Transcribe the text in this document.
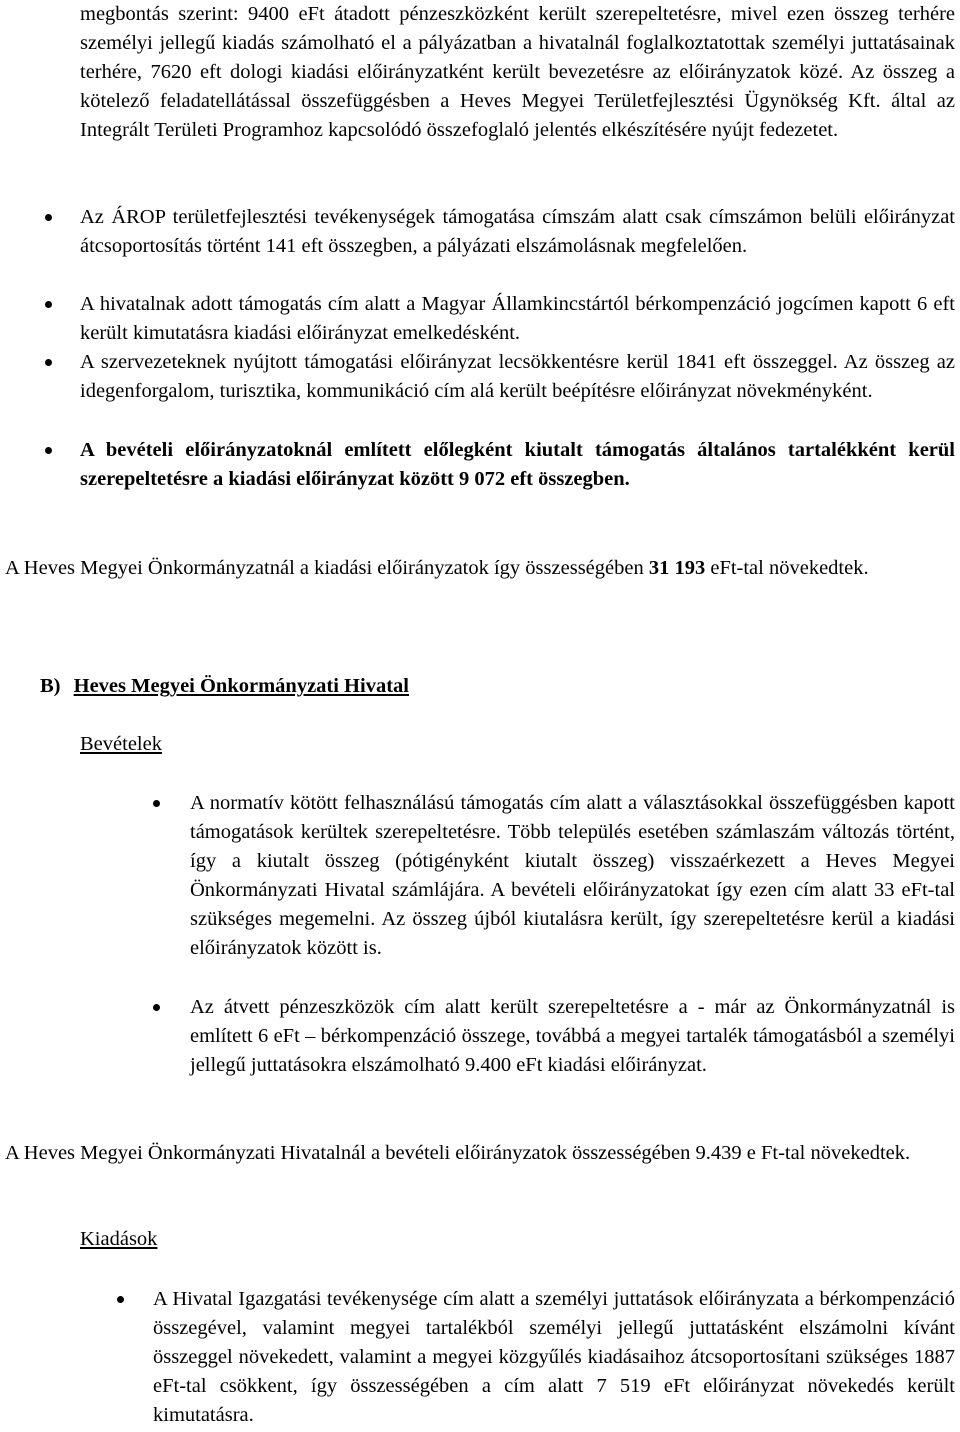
megbontás szerint: 9400 eFt átadott pénzeszközként került szerepeltetésre, mivel ezen összeg terhére személyi jellegű kiadás számolható el a pályázatban a hivatalnál foglalkoztatottak személyi juttatásainak terhére, 7620 eft dologi kiadási előirányzatként került bevezetésre az előirányzatok közé. Az összeg a kötelező feladatellátással összefüggésben a Heves Megyei Területfejlesztési Ügynökség Kft. által az Integrált Területi Programhoz kapcsolódó összefoglaló jelentés elkészítésére nyújt fedezetet.
Az ÁROP területfejlesztési tevékenységek támogatása címszám alatt csak címszámon belüli előirányzat átcsoportosítás történt 141 eft összegben, a pályázati elszámolásnak megfelelően.
A hivatalnak adott támogatás cím alatt a Magyar Államkincstártól bérkompenzáció jogcímen kapott 6 eft került kimutatásra kiadási előirányzat emelkedésként.
A szervezeteknek nyújtott támogatási előirányzat lecsökkentésre kerül 1841 eft összeggel. Az összeg az idegenforgalom, turisztika, kommunikáció cím alá került beépítésre előirányzat növekményként.
A bevételi előirányzatoknál említett előlegként kiutalt támogatás általános tartalékként kerül szerepeltetésre a kiadási előirányzat között 9 072 eft összegben.
A Heves Megyei Önkormányzatnál a kiadási előirányzatok így összességében 31 193 eFt-tal növekedtek.
B) Heves Megyei Önkormányzati Hivatal
Bevételek
A normatív kötött felhasználású támogatás cím alatt a választásokkal összefüggésben kapott támogatások kerültek szerepeltetésre. Több település esetében számlaszám változás történt, így a kiutalt összeg (pótigényként kiutalt összeg) visszaérkezett a Heves Megyei Önkormányzati Hivatal számlájára. A bevételi előirányzatokat így ezen cím alatt 33 eFt-tal szükséges megemelni. Az összeg újból kiutalásra került, így szerepeltetésre kerül a kiadási előirányzatok között is.
Az átvett pénzeszközök cím alatt került szerepeltetésre a - már az Önkormányzatnál is említett 6 eFt – bérkompenzáció összege, továbbá a megyei tartalék támogatásból a személyi jellegű juttatásokra elszámolható 9.400 eFt kiadási előirányzat.
A Heves Megyei Önkormányzati Hivatalnál a bevételi előirányzatok összességében 9.439 e Ft-tal növekedtek.
Kiadások
A Hivatal Igazgatási tevékenysége cím alatt a személyi juttatások előirányzata a bérkompenzáció összegével, valamint megyei tartalékból személyi jellegű juttatásként elszámolni kívánt összeggel növekedett, valamint a megyei közgyűlés kiadásaihoz átcsoportosítani szükséges 1887 eFt-tal csökkent, így összességében a cím alatt 7 519 eFt előirányzat növekedés került kimutatásra.
